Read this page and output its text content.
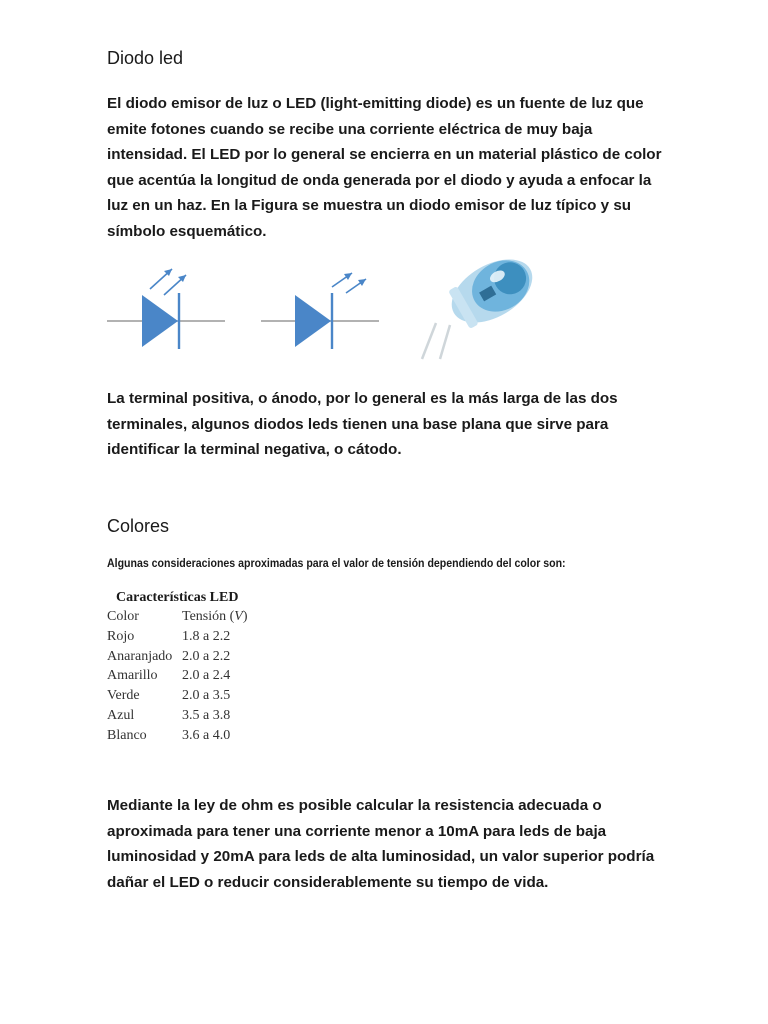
Diodo led

El diodo emisor de luz o LED (light-emitting diode) es un fuente de luz que emite fotones cuando se recibe una corriente eléctrica de muy baja intensidad. El LED por lo general se encierra en un material plástico de color que acentúa la longitud de onda generada por el diodo y ayuda a enfocar la luz en un haz. En la Figura se muestra un diodo emisor de luz típico y su símbolo esquemático.

La terminal positiva, o ánodo, por lo general es la más larga de las dos terminales, algunos diodos leds tienen una base plana que sirve para identificar la terminal negativa, o cátodo.

Colores

Algunas consideraciones aproximadas para el valor de tensión dependiendo del color son:

Características LED

Color	Tensión (V)
Rojo	1.8 a 2.2
Anaranjado	2.0 a 2.2
Amarillo	2.0 a 2.4
Verde	2.0 a 3.5
Azul	3.5 a 3.8
Blanco	3.6 a 4.0

Mediante la ley de ohm es posible calcular la resistencia adecuada o aproximada para tener una corriente menor a 10mA para leds de baja luminosidad y 20mA para leds de alta luminosidad, un valor superior podría dañar el LED o reducir considerablemente su tiempo de vida.
